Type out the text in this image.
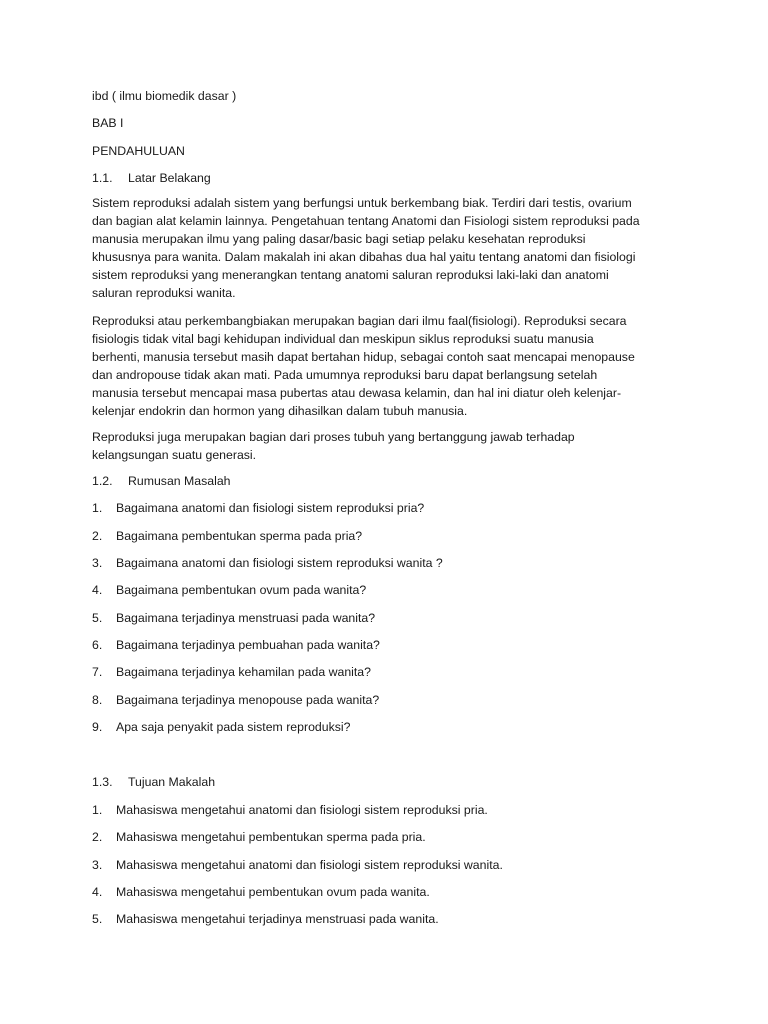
ibd ( ilmu biomedik dasar )

BAB I

PENDAHULUAN

1.1. Latar Belakang

Sistem reproduksi adalah sistem yang berfungsi untuk berkembang biak. Terdiri dari testis, ovarium
dan bagian alat kelamin lainnya. Pengetahuan tentang Anatomi dan Fisiologi sistem reproduksi pada
manusia merupakan ilmu yang paling dasar/basic bagi setiap pelaku kesehatan reproduksi
khususnya para wanita. Dalam makalah ini akan dibahas dua hal yaitu tentang anatomi dan fisiologi
sistem reproduksi yang menerangkan tentang anatomi saluran reproduksi laki-laki dan anatomi
saluran reproduksi wanita.
Reproduksi atau perkembangbiakan merupakan bagian dari ilmu faal(fisiologi). Reproduksi secara
fisiologis tidak vital bagi kehidupan individual dan meskipun siklus reproduksi suatu manusia
berhenti, manusia tersebut masih dapat bertahan hidup, sebagai contoh saat mencapai menopause
dan andropouse tidak akan mati. Pada umumnya reproduksi baru dapat berlangsung setelah
manusia tersebut mencapai masa pubertas atau dewasa kelamin, dan hal ini diatur oleh kelenjar-
kelenjar endokrin dan hormon yang dihasilkan dalam tubuh manusia.
Reproduksi juga merupakan bagian dari proses tubuh yang bertanggung jawab terhadap
kelangsungan suatu generasi.

1.2. Rumusan Masalah

1. Bagaimana anatomi dan fisiologi sistem reproduksi pria?

2. Bagaimana pembentukan sperma pada pria?

3. Bagaimana anatomi dan fisiologi sistem reproduksi wanita ?

4. Bagaimana pembentukan ovum pada wanita?

5. Bagaimana terjadinya menstruasi pada wanita?

6. Bagaimana terjadinya pembuahan pada wanita?

7. Bagaimana terjadinya kehamilan pada wanita?

8. Bagaimana terjadinya menopouse pada wanita?

9. Apa saja penyakit pada sistem reproduksi?

1.3. Tujuan Makalah

1. Mahasiswa mengetahui anatomi dan fisiologi sistem reproduksi pria.

2. Mahasiswa mengetahui pembentukan sperma pada pria.

3. Mahasiswa mengetahui anatomi dan fisiologi sistem reproduksi wanita.

4. Mahasiswa mengetahui pembentukan ovum pada wanita.

5. Mahasiswa mengetahui terjadinya menstruasi pada wanita.
